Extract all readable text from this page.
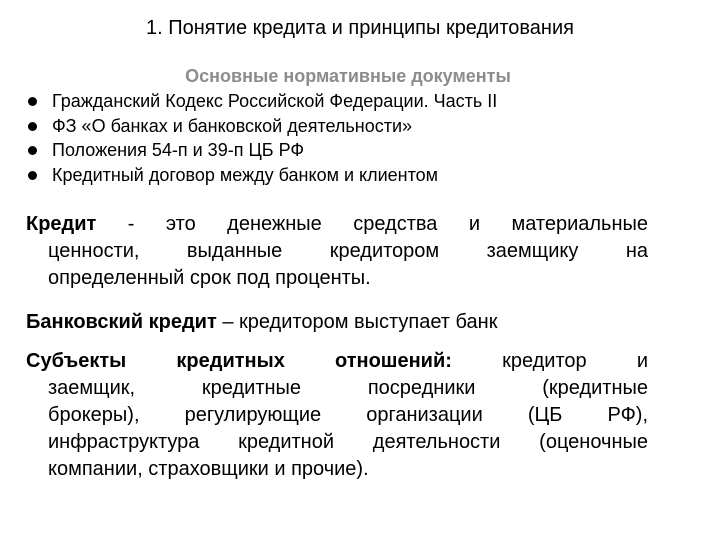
1. Понятие кредита и принципы кредитования
Основные нормативные документы
Гражданский Кодекс Российской Федерации. Часть II
ФЗ «О банках и банковской деятельности»
Положения 54-п и 39-п ЦБ РФ
Кредитный договор между банком и клиентом
Кредит - это денежные средства и материальные
ценности, выданные кредитором заемщику на
определенный срок под проценты.
Банковский кредит – кредитором выступает банк
Субъекты кредитных отношений: кредитор и
заемщик, кредитные посредники (кредитные
брокеры), регулирующие организации (ЦБ РФ),
инфраструктура кредитной деятельности (оценочные
компании, страховщики и прочие).
